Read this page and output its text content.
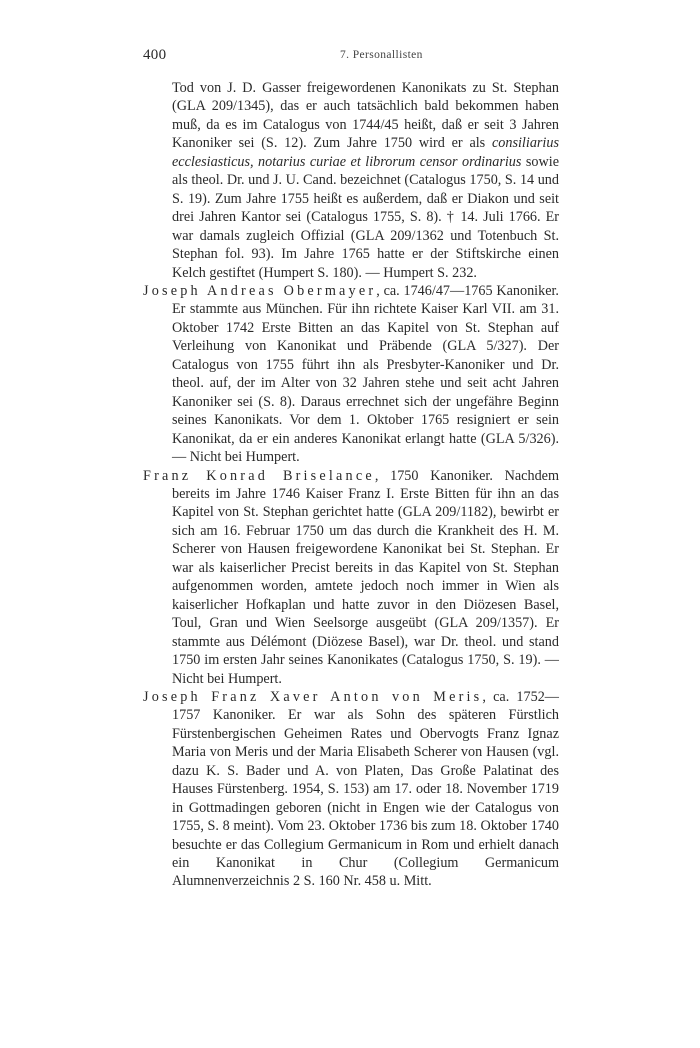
400	7. Personallisten

Tod von J. D. Gasser freigewordenen Kanonikats zu St. Stephan (GLA 209/1345), das er auch tatsächlich bald bekommen haben muß, da es im Catalogus von 1744/45 heißt, daß er seit 3 Jahren Kanoniker sei (S. 12). Zum Jahre 1750 wird er als consiliarius ecclesiasticus, notarius curiae et librorum censor ordinarius sowie als theol. Dr. und J. U. Cand. bezeichnet (Catalogus 1750, S. 14 und S. 19). Zum Jahre 1755 heißt es außerdem, daß er Diakon und seit drei Jahren Kantor sei (Catalogus 1755, S. 8). † 14. Juli 1766. Er war damals zugleich Offizial (GLA 209/1362 und Totenbuch St. Stephan fol. 93). Im Jahre 1765 hatte er der Stiftskirche einen Kelch gestiftet (Humpert S. 180). — Humpert S. 232.

Joseph Andreas Obermayer, ca. 1746/47—1765 Kanoniker. Er stammte aus München. Für ihn richtete Kaiser Karl VII. am 31. Oktober 1742 Erste Bitten an das Kapitel von St. Stephan auf Verleihung von Kanonikat und Präbende (GLA 5/327). Der Catalogus von 1755 führt ihn als Presbyter-Kanoniker und Dr. theol. auf, der im Alter von 32 Jahren stehe und seit acht Jahren Kanoniker sei (S. 8). Daraus errechnet sich der ungefähre Beginn seines Kanonikats. Vor dem 1. Oktober 1765 resigniert er sein Kanonikat, da er ein anderes Kanonikat erlangt hatte (GLA 5/326). — Nicht bei Humpert.

Franz Konrad Briselance, 1750 Kanoniker. Nachdem bereits im Jahre 1746 Kaiser Franz I. Erste Bitten für ihn an das Kapitel von St. Stephan gerichtet hatte (GLA 209/1182), bewirbt er sich am 16. Februar 1750 um das durch die Krankheit des H. M. Scherer von Hausen freigewordene Kanonikat bei St. Stephan. Er war als kaiserlicher Precist bereits in das Kapitel von St. Stephan aufgenommen worden, amtete jedoch noch immer in Wien als kaiserlicher Hofkaplan und hatte zuvor in den Diözesen Basel, Toul, Gran und Wien Seelsorge ausgeübt (GLA 209/1357). Er stammte aus Délémont (Diözese Basel), war Dr. theol. und stand 1750 im ersten Jahr seines Kanonikates (Catalogus 1750, S. 19). — Nicht bei Humpert.

Joseph Franz Xaver Anton von Meris, ca. 1752—1757 Kanoniker. Er war als Sohn des späteren Fürstlich Fürstenbergischen Geheimen Rates und Obervogts Franz Ignaz Maria von Meris und der Maria Elisabeth Scherer von Hausen (vgl. dazu K. S. Bader und A. von Platen, Das Große Palatinat des Hauses Fürstenberg. 1954, S. 153) am 17. oder 18. November 1719 in Gottmadingen geboren (nicht in Engen wie der Catalogus von 1755, S. 8 meint). Vom 23. Oktober 1736 bis zum 18. Oktober 1740 besuchte er das Collegium Germanicum in Rom und erhielt danach ein Kanonikat in Chur (Collegium Germanicum Alumnenverzeichnis 2 S. 160 Nr. 458 u. Mitt.
